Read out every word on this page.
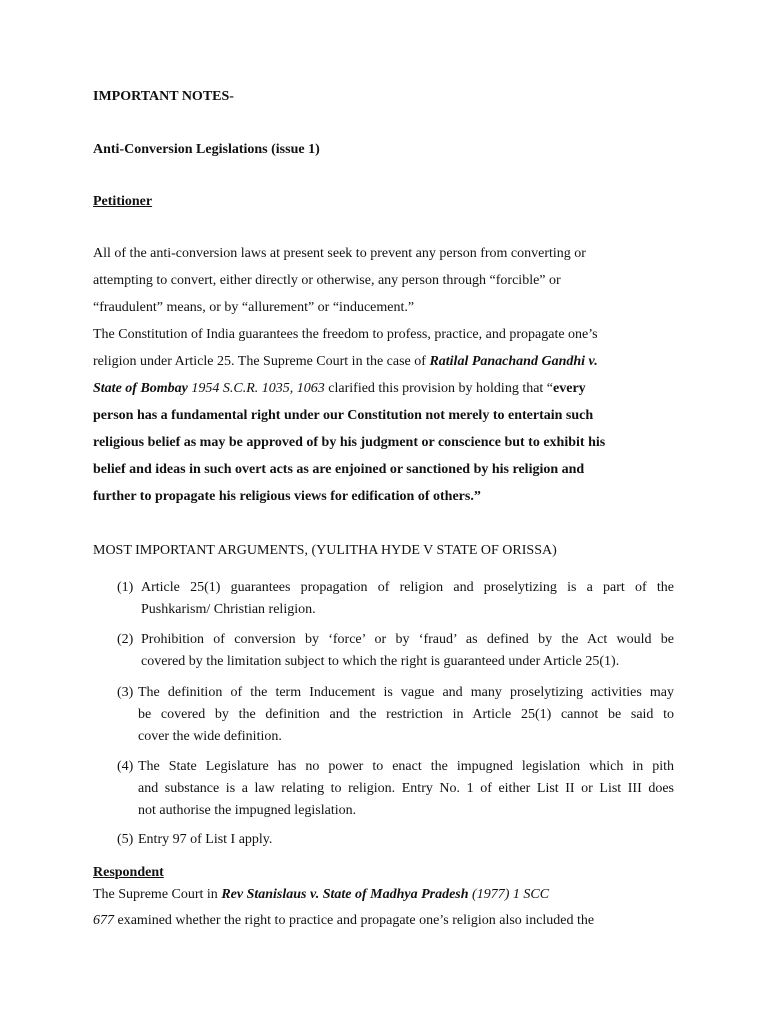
IMPORTANT NOTES-
Anti-Conversion Legislations (issue 1)
Petitioner
All of the anti-conversion laws at present seek to prevent any person from converting or
attempting to convert, either directly or otherwise, any person through “forcible” or
“fraudulent” means, or by “allurement” or “inducement.”
The Constitution of India guarantees the freedom to profess, practice, and propagate one’s
religion under Article 25. The Supreme Court in the case of Ratilal Panachand Gandhi v.
State of Bombay 1954 S.C.R. 1035, 1063 clarified this provision by holding that “every
person has a fundamental right under our Constitution not merely to entertain such
religious belief as may be approved of by his judgment or conscience but to exhibit his
belief and ideas in such overt acts as are enjoined or sanctioned by his religion and
further to propagate his religious views for edification of others.”
MOST IMPORTANT ARGUMENTS, (YULITHA HYDE V STATE OF ORISSA)
(1) Article 25(1) guarantees propagation of religion and proselytizing is a part of the
Pushkarism/ Christian religion.
(2) Prohibition of conversion by ‘force’ or by ‘fraud’ as defined by the Act would be
covered by the limitation subject to which the right is guaranteed under Article 25(1).
(3) The definition of the term Inducement is vague and many proselytizing activities may
be covered by the definition and the restriction in Article 25(1) cannot be said to
cover the wide definition.
(4) The State Legislature has no power to enact the impugned legislation which in pith
and substance is a law relating to religion. Entry No. 1 of either List II or List III does
not authorise the impugned legislation.
(5) Entry 97 of List I apply.
Respondent
The Supreme Court in Rev Stanislaus v. State of Madhya Pradesh (1977) 1 SCC
677 examined whether the right to practice and propagate one’s religion also included the
